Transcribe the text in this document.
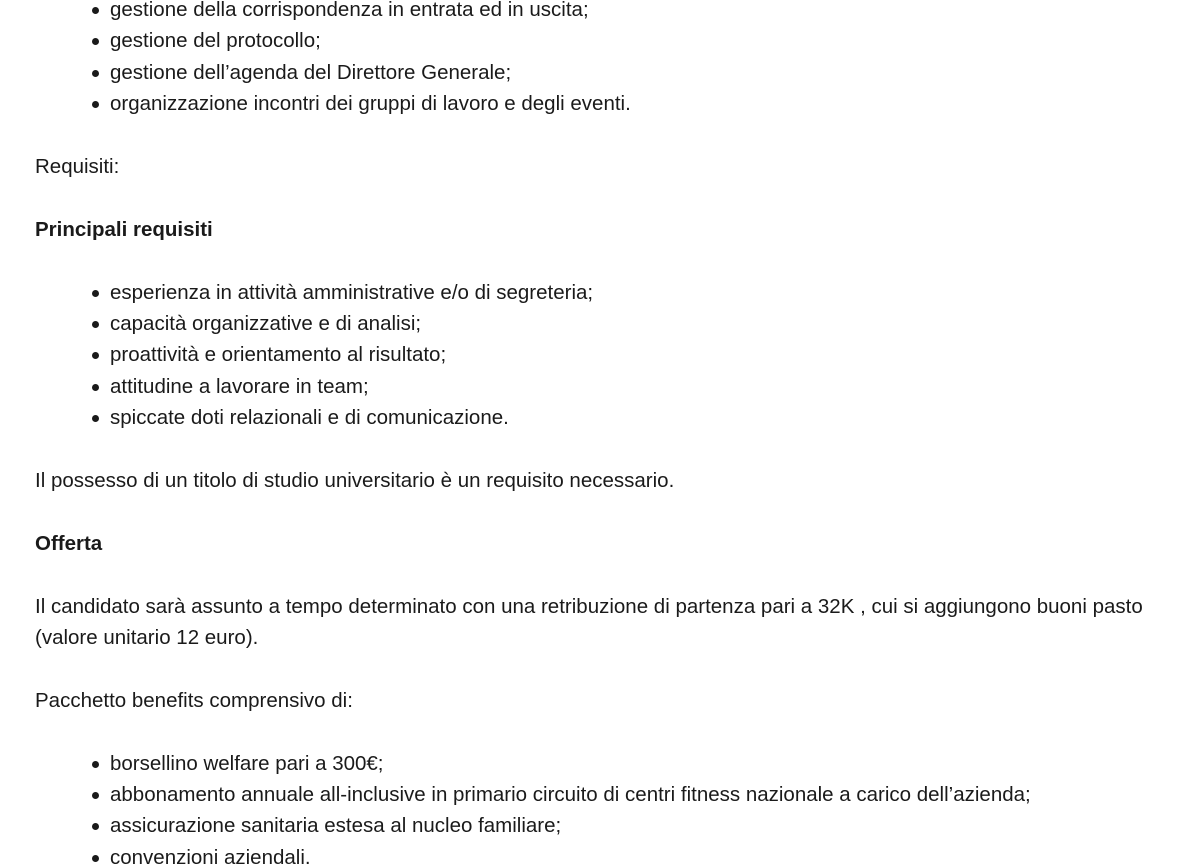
gestione della corrispondenza in entrata ed in uscita;
gestione del protocollo;
gestione dell’agenda del Direttore Generale;
organizzazione incontri dei gruppi di lavoro e degli eventi.

Requisiti:

Principali requisiti

esperienza in attività amministrative e/o di segreteria;
capacità organizzative e di analisi;
proattività e orientamento al risultato;
attitudine a lavorare in team;
spiccate doti relazionali e di comunicazione.

Il possesso di un titolo di studio universitario è un requisito necessario.

Offerta

Il candidato sarà assunto a tempo determinato con una retribuzione di partenza pari a 32K , cui si aggiungono buoni pasto (valore unitario 12 euro).

Pacchetto benefits comprensivo di:

borsellino welfare pari a 300€;
abbonamento annuale all-inclusive in primario circuito di centri fitness nazionale a carico dell’azienda;
assicurazione sanitaria estesa al nucleo familiare;
convenzioni aziendali.
